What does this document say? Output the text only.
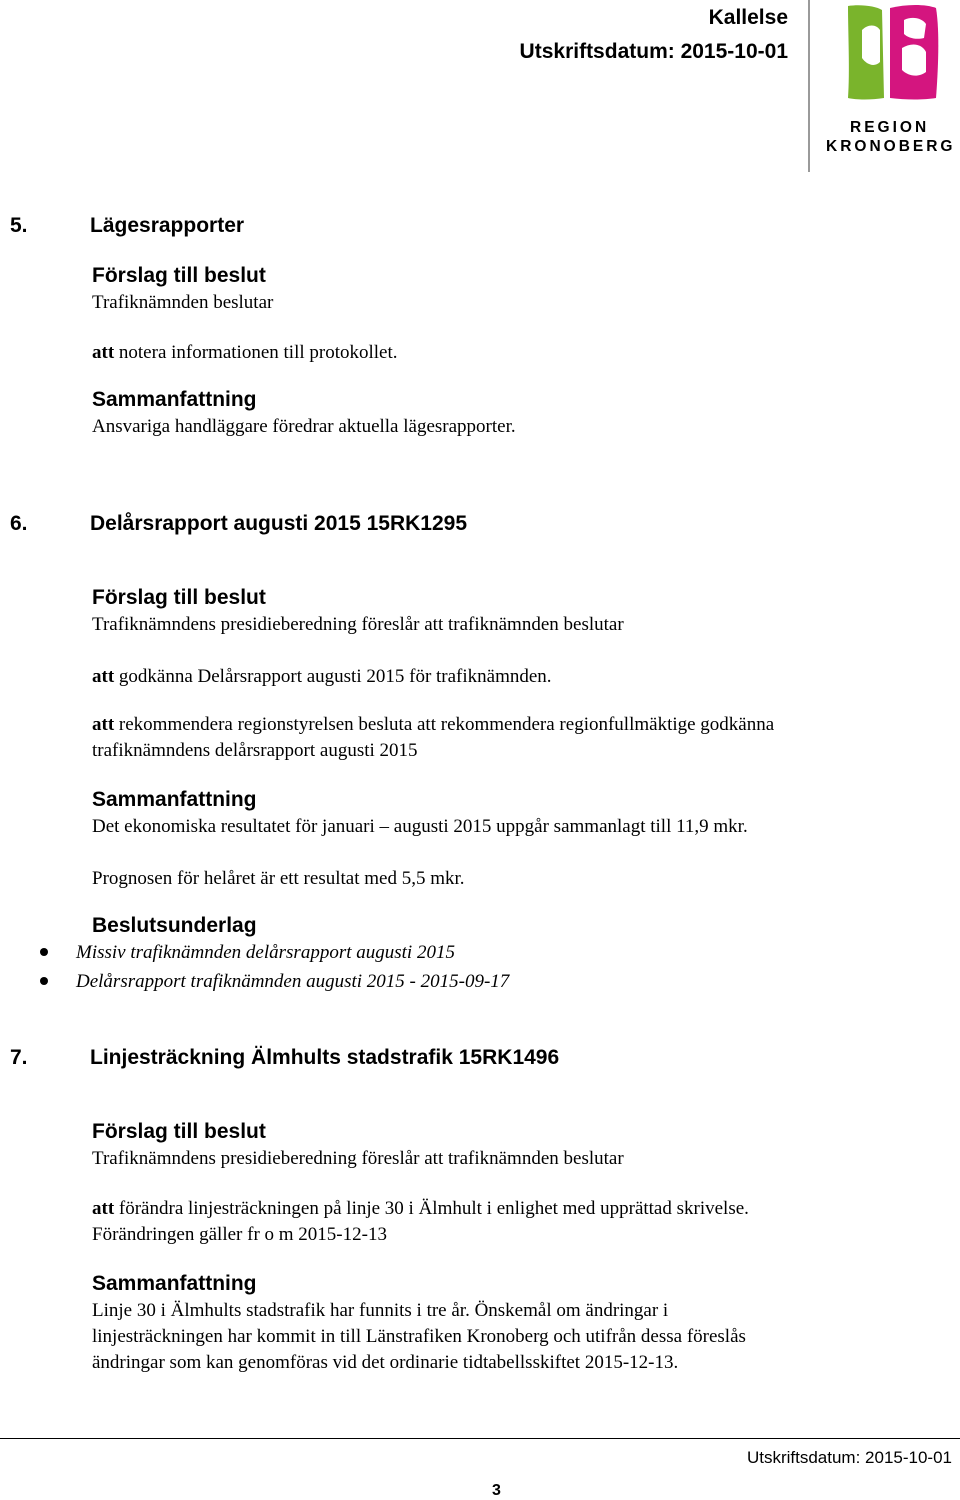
Kallelse
Utskriftsdatum: 2015-10-01
REGION
KRONOBERG
5.	Lägesrapporter
Förslag till beslut
Trafiknämnden beslutar
att notera informationen till protokollet.
Sammanfattning
Ansvariga handläggare föredrar aktuella lägesrapporter.
6.	Delårsrapport augusti 2015 15RK1295
Förslag till beslut
Trafiknämndens presidieberedning föreslår att trafiknämnden beslutar
att godkänna Delårsrapport augusti 2015 för trafiknämnden.
att rekommendera regionstyrelsen besluta att rekommendera regionfullmäktige godkänna trafiknämndens delårsrapport augusti 2015
Sammanfattning
Det ekonomiska resultatet för januari – augusti 2015 uppgår sammanlagt till 11,9 mkr.
Prognosen för helåret är ett resultat med 5,5 mkr.
Beslutsunderlag
Missiv trafiknämnden delårsrapport augusti 2015
Delårsrapport trafiknämnden augusti 2015 - 2015-09-17
7.	Linjesträckning Älmhults stadstrafik 15RK1496
Förslag till beslut
Trafiknämndens presidieberedning föreslår att trafiknämnden beslutar
att förändra linjesträckningen på linje 30 i Älmhult i enlighet med upprättad skrivelse. Förändringen gäller fr o m 2015-12-13
Sammanfattning
Linje 30 i Älmhults stadstrafik har funnits i tre år. Önskemål om ändringar i linjesträckningen har kommit in till Länstrafiken Kronoberg och utifrån dessa föreslås ändringar som kan genomföras vid det ordinarie tidtabellsskiftet 2015-12-13.
Utskriftsdatum: 2015-10-01
3
